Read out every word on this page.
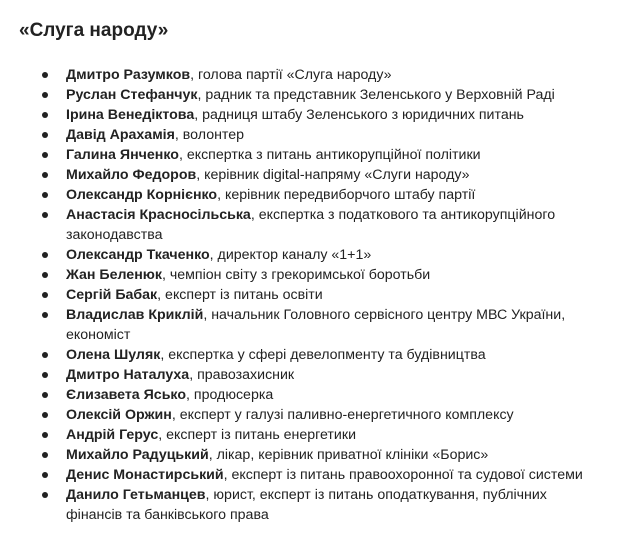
«Слуга народу»
Дмитро Разумков, голова партії «Слуга народу»
Руслан Стефанчук, радник та представник Зеленського у Верховній Раді
Ірина Венедіктова, радниця штабу Зеленського з юридичних питань
Давід Арахамія, волонтер
Галина Янченко, експертка з питань антикорупційної політики
Михайло Федоров, керівник digital-напряму «Слуги народу»
Олександр Корнієнко, керівник передвиборчого штабу партії
Анастасія Красносільська, експертка з податкового та антикорупційного законодавства
Олександр Ткаченко, директор каналу «1+1»
Жан Беленюк, чемпіон світу з грекоримської боротьби
Сергій Бабак, експерт із питань освіти
Владислав Криклій, начальник Головного сервісного центру МВС України, економіст
Олена Шуляк, експертка у сфері девелопменту та будівництва
Дмитро Наталуха, правозахисник
Єлизавета Ясько, продюсерка
Олексій Оржин, експерт у галузі паливно-енергетичного комплексу
Андрій Герус, експерт із питань енергетики
Михайло Радуцький, лікар, керівник приватної клініки «Борис»
Денис Монастирський, експерт із питань правоохоронної та судової системи
Данило Гетьманцев, юрист, експерт із питань оподаткування, публічних фінансів та банківського права
